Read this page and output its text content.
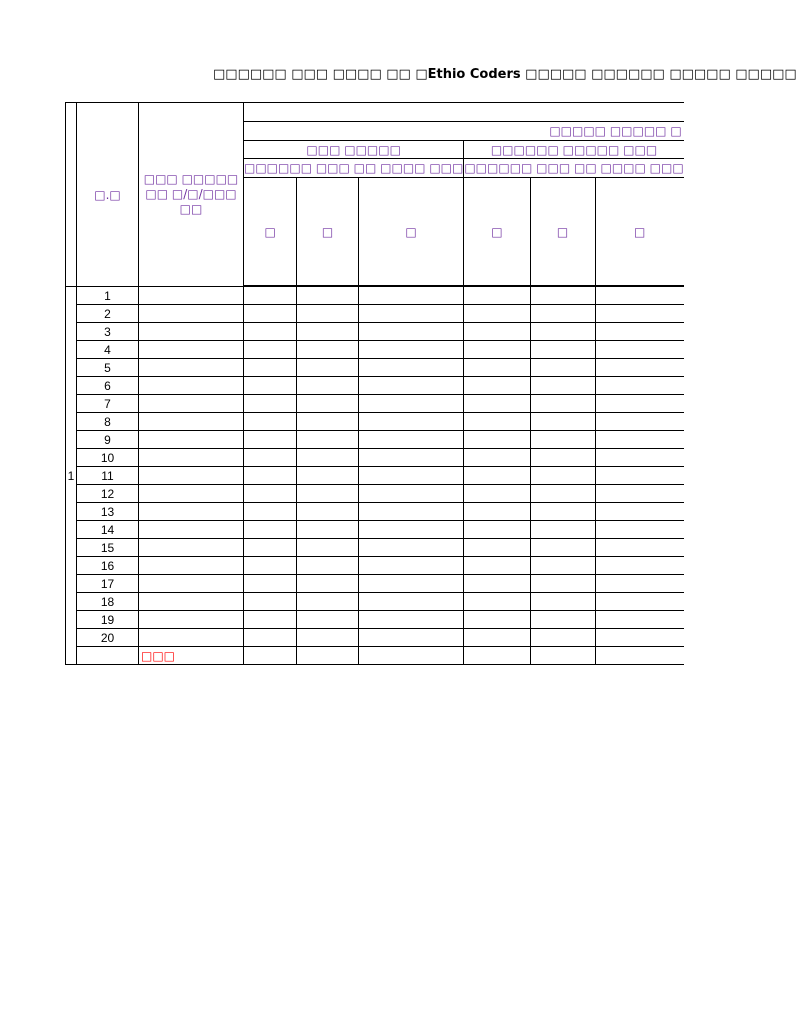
□□□□□□ □□□ □□□□ □□ □Ethio Coders □□□□□ □□□□□□ □□□□□ □□□□□
	□.□	□□□ □□□□□ □□ □/□/□□□ □□						
			□□□□□ □□□□□ □					
			□□□ □□□□□			□□□□□□ □□□□□ □□□		
			□□□□□□ □□□ □□ □□□□ □□□			□□□□□□ □□□ □□ □□□□ □□□		
			□	□	□	□	□	□

1	1							
	2							
	3							
	4							
	5							
	6							
	7							
	8							
	9							
	10							
	11							
	12							
	13							
	14							
	15							
	16							
	17							
	18							
	19							
	20							
		□□□						
